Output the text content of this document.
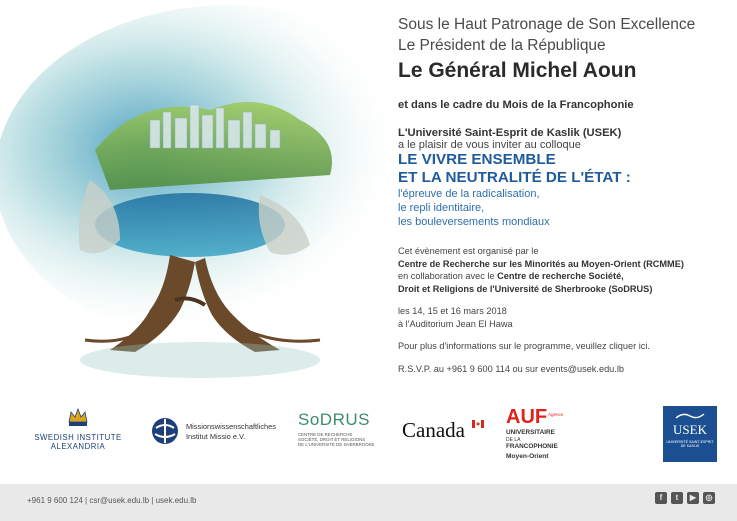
Sous le Haut Patronage de Son Excellence
Le Président de la République
Le Général Michel Aoun
et dans le cadre du Mois de la Francophonie
L'Université Saint-Esprit de Kaslik (USEK)
a le plaisir de vous inviter au colloque
LE VIVRE ENSEMBLE
ET LA NEUTRALITÉ DE L'ÉTAT :
l'épreuve de la radicalisation,
le repli identitaire,
les bouleversements mondiaux
Cet évènement est organisé par le
Centre de Recherche sur les Minorités au Moyen-Orient (RCMME)
en collaboration avec le Centre de recherche Société,
Droit et Religions de l'Université de Sherbrooke (SoDRUS)
les 14, 15 et 16 mars 2018
à l'Auditorium Jean El Hawa
Pour plus d'informations sur le programme, veuillez cliquer ici.
R.S.V.P. au +961 9 600 114 ou sur events@usek.edu.lb
SWEDISH INSTITUTE
ALEXANDRIA
Missionswissenschaftliches
Institut Missio e.V.
SoDRUS
CENTRE DE RECHERCHE
SOCIÉTÉ, DROIT ET RELIGIONS
DE L'UNIVERSITÉ DE SHERBROOKE
Canada
AUF Agence
UNIVERSITAIRE
DE LA
FRANCOPHONIE
Moyen-Orient
USEK
UNIVERSITÉ SAINT-ESPRIT DE KASLIK
+961 9 600 124 | csr@usek.edu.lb | usek.edu.lb	f	t	▶	◎
